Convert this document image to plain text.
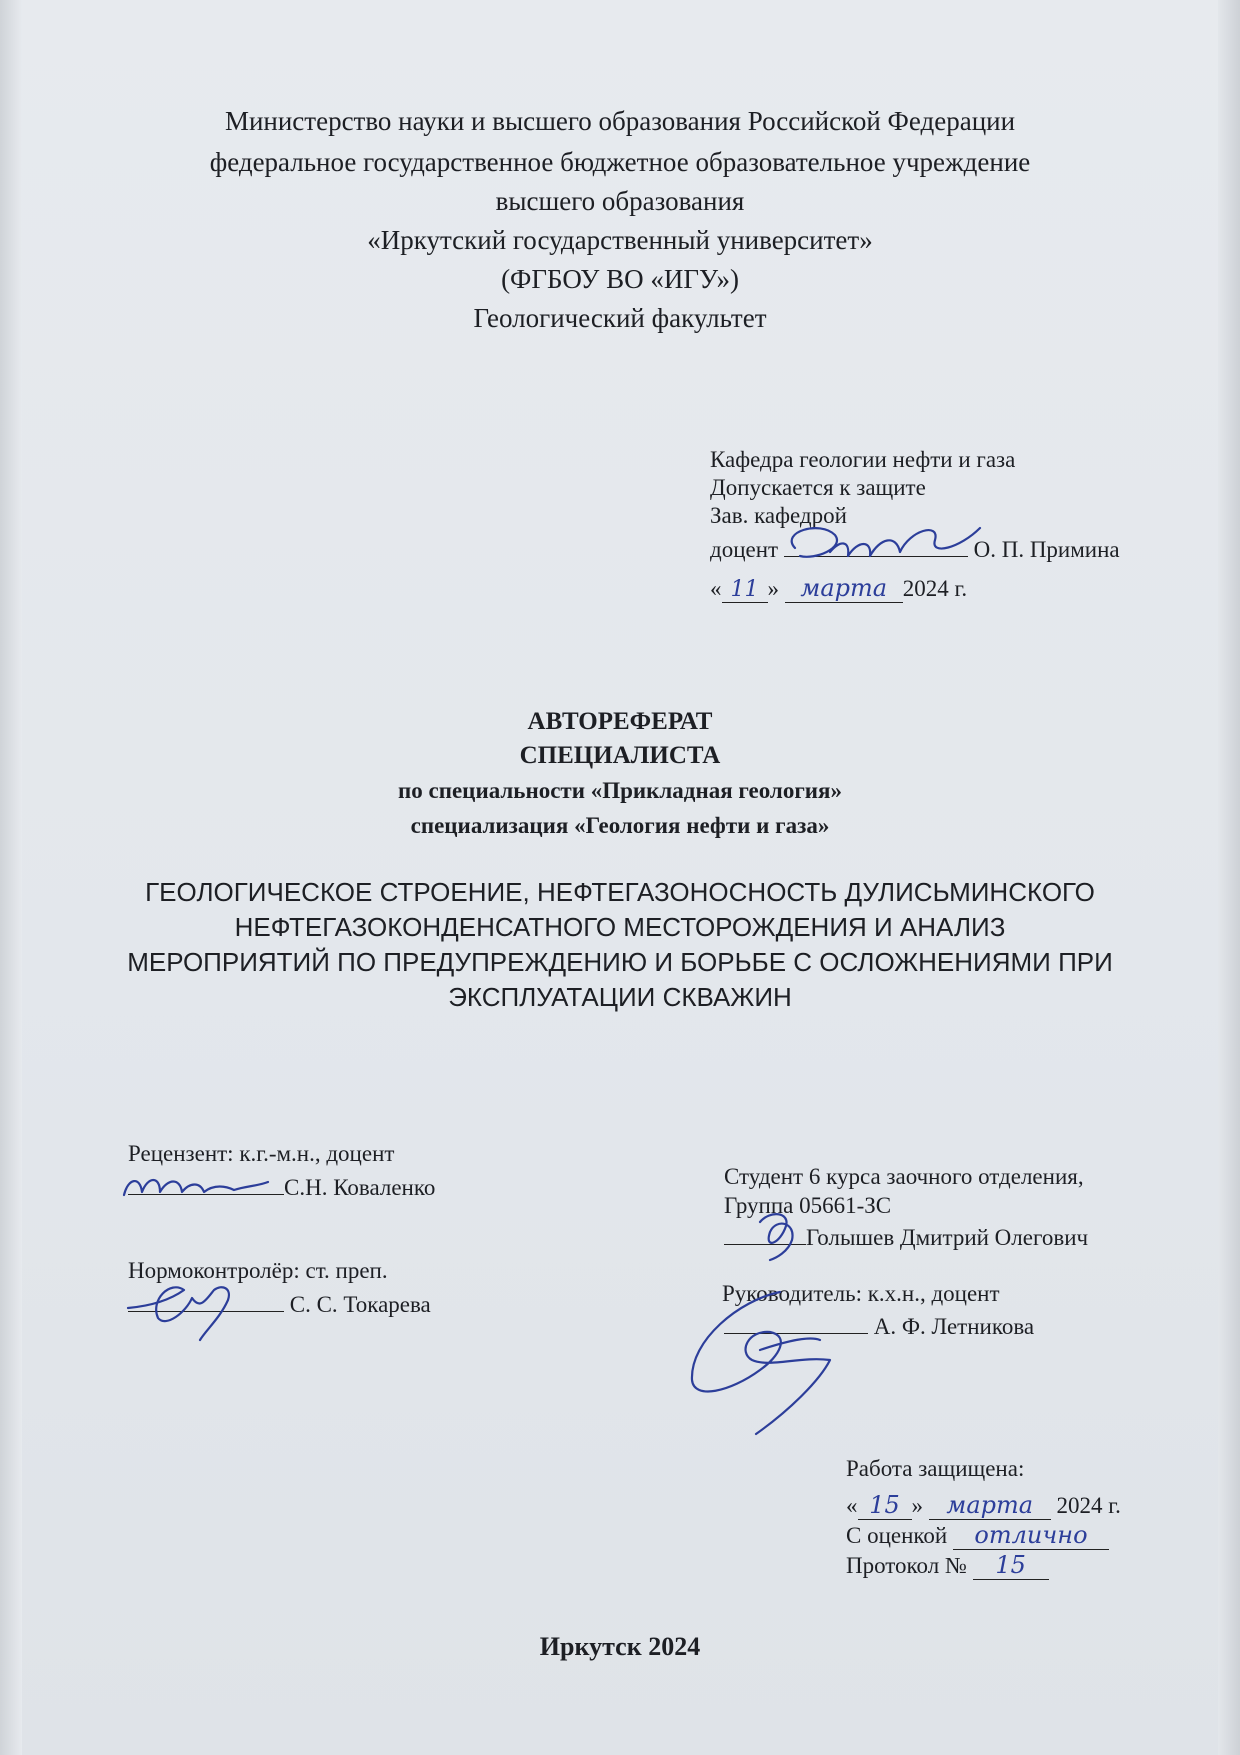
Министерство науки и высшего образования Российской Федерации
федеральное государственное бюджетное образовательное учреждение
высшего образования
«Иркутский государственный университет»
(ФГБОУ ВО «ИГУ»)
Геологический факультет
Кафедра геологии нефти и газа
Допускается к защите
Зав. кафедрой
доцент	О. П. Примина
« 11 » марта 2024 г.
АВТОРЕФЕРАТ
СПЕЦИАЛИСТА
по специальности «Прикладная геология»
специализация «Геология нефти и газа»
ГЕОЛОГИЧЕСКОЕ СТРОЕНИЕ, НЕФТЕГАЗОНОСНОСТЬ ДУЛИСЬМИНСКОГО
НЕФТЕГАЗОКОНДЕНСАТНОГО МЕСТОРОЖДЕНИЯ И АНАЛИЗ
МЕРОПРИЯТИЙ ПО ПРЕДУПРЕЖДЕНИЮ И БОРЬБЕ С ОСЛОЖНЕНИЯМИ ПРИ
ЭКСПЛУАТАЦИИ СКВАЖИН
Рецензент: к.г.-м.н., доцент
С.Н. Коваленко
Нормоконтролёр: ст. преп.
С. С. Токарева
Студент 6 курса заочного отделения,
Группа 05661-ЗС
Голышев Дмитрий Олегович
Руководитель: к.х.н., доцент
А. Ф. Летникова
Работа защищена:
« 15 » марта 2024 г.
С оценкой отлично
Протокол № 15
Иркутск 2024
